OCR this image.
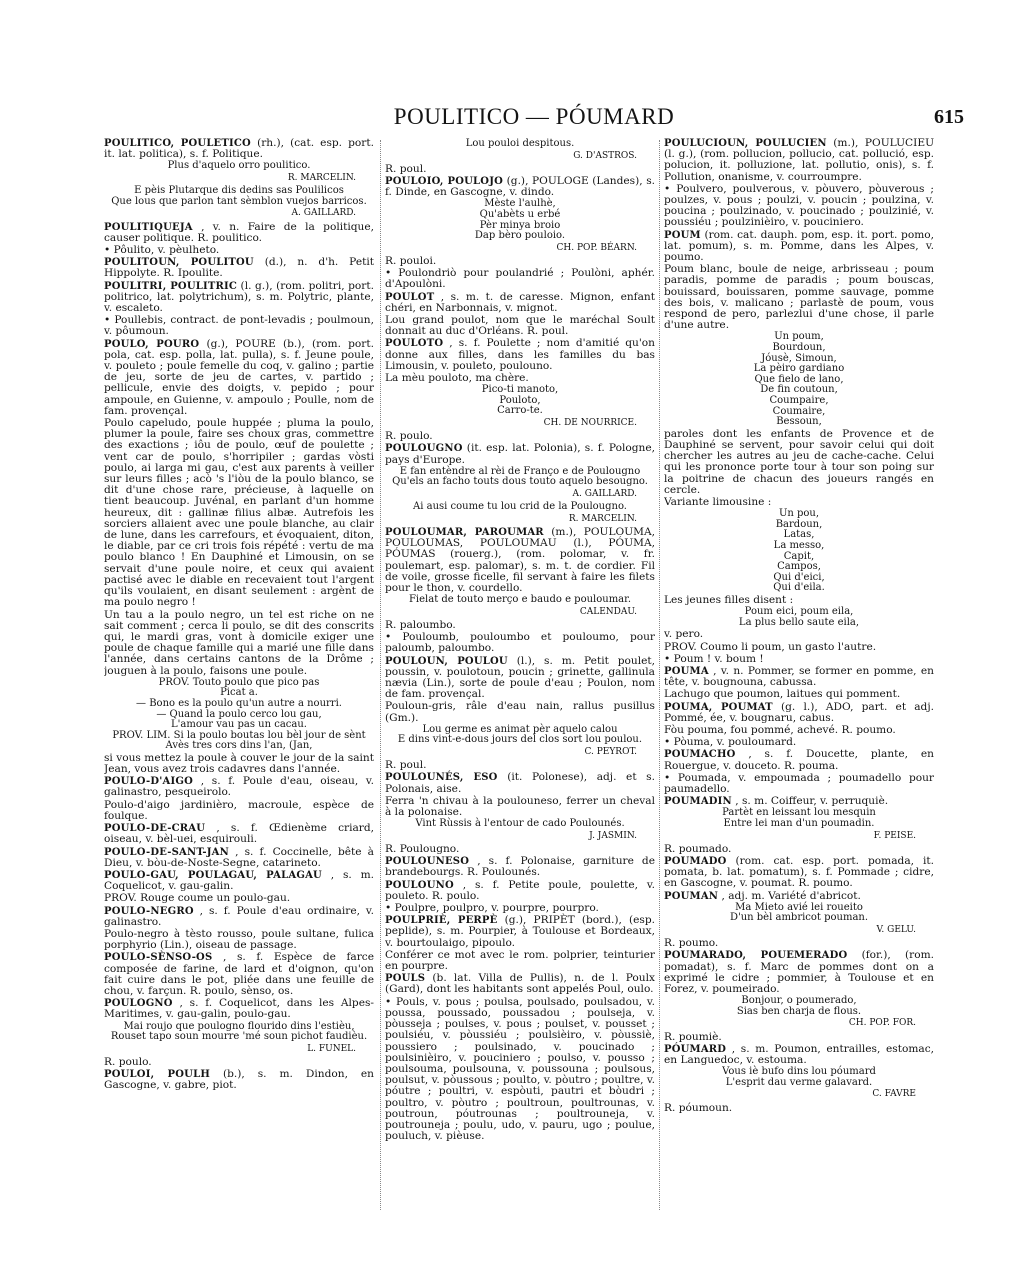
POULITICO — PÓUMARD	615

POULITICO, POULETICO (rh.), (cat. esp. port. it. lat. politica), s. f. Politique.

Plus d'aquelo orro poulitico.

R. MARCELIN.

E pèis Plutarque dis dedins sas Poulilicos
Que lous que parlon tant sèmblon vuejos barricos.

A. GAILLARD.

POULITIQUEJA , v. n. Faire de la politique, causer politique. R. poulitico.

• Pôulito, v. pèulheto.

POULITOUN, POULITOU (d.), n. d'h. Petit Hippolyte. R. Ipoulite.

POULITRI, POULITRIC (l. g.), (rom. politri, port. politrico, lat. polytrichum), s. m. Polytric, plante, v. escaleto.

• Poullebis, contract. de pont-levadis ; poulmoun, v. pôumoun.

POULO, POURO (g.), POURE (b.), (rom. port. pola, cat. esp. polla, lat. pulla), s. f. Jeune poule, v. pouleto ; poule femelle du coq, v. galino ; partie de jeu, sorte de jeu de cartes, v. partido ; pellicule, envie des doigts, v. pepido ; pour ampoule, en Guienne, v. ampoulo ; Poulle, nom de fam. provençal.

Poulo capeludo, poule huppée ; pluma la poulo, plumer la poule, faire ses choux gras, commettre des exactions ; iôu de poulo, œuf de poulette ; vent car de poulo, s'horripiler ; gardas vòsti poulo, ai larga mi gau, c'est aux parents à veiller sur leurs filles ; acò 's l'iòu de la poulo blanco, se dit d'une chose rare, précieuse, à laquelle on tient beaucoup. Juvénal, en parlant d'un homme heureux, dit : gallinæ filius albæ. Autrefois les sorciers allaient avec une poule blanche, au clair de lune, dans les carrefours, et évoquaient, diton, le diable, par ce cri trois fois répété : vertu de ma poulo blanco ! En Dauphiné et Limousin, on se servait d'une poule noire, et ceux qui avaient pactisé avec le diable en recevaient tout l'argent qu'ils voulaient, en disant seulement : argènt de ma poulo negro !

Un tau a la poulo negro, un tel est riche on ne sait comment ; cerca li poulo, se dit des conscrits qui, le mardi gras, vont à domicile exiger une poule de chaque famille qui a marié une fille dans l'année, dans certains cantons de la Drôme ; jouguen à la poulo, faisons une poule.

PROV. Touto poulo que pico pas
Picat a.
— Bono es la poulo qu'un autre a nourri.
— Quand la poulo cerco lou gau,
L'amour vau pas un cacau.
PROV. LIM. Si la poulo boutas lou bèl jour de sènt
Avès tres cors dins l'an, (Jan,

si vous mettez la poule à couver le jour de la saint Jean, vous avez trois cadavres dans l'année.

POULO-D'AIGO , s. f. Poule d'eau, oiseau, v. galinastro, pesqueirolo.

Poulo-d'aigo jardinièro, macroule, espèce de foulque.

POULO-DE-CRAU , s. f. Œdienème criard, oiseau, v. bèl-uei, esquirouli.

POULO-DE-SANT-JAN , s. f. Coccinelle, bête à Dieu, v. bòu-de-Noste-Segne, catarineto.

POULO-GAU, POULAGAU, PALAGAU , s. m. Coquelicot, v. gau-galin.

PROV. Rouge coume un poulo-gau.

POULO-NEGRO , s. f. Poule d'eau ordinaire, v. galinastro.

Poulo-negro à tèsto rousso, poule sultane, fulica porphyrio (Lin.), oiseau de passage.

POULO-SÈNSO-OS , s. f. Espèce de farce composée de farine, de lard et d'oignon, qu'on fait cuire dans le pot, pliée dans une feuille de chou, v. farçun. R. poulo, sènso, os.

POULOGNO , s. f. Coquelicot, dans les Alpes-Maritimes, v. gau-galin, poulo-gau.

Mai roujo que poulogno flourido dins l'estièu,
Rouset tapo soun mourre 'mé soun pichot faudièu.

L. FUNEL.

R. poulo.

POULOI, POULH (b.), s. m. Dindon, en Gascogne, v. gabre, piot.

Lou pouloi despitous.

G. D'ASTROS.

R. poul.

POULOIO, POULOJO (g.), POULOGE (Landes), s. f. Dinde, en Gascogne, v. dindo.

Mèste l'aulhè,
Qu'abèts u erbé
Pèr minya broio
Dap bèro pouloio.

CH. POP. BÉARN.

R. pouloi.

• Poulondriò pour poulandrié ; Poulòni, aphér. d'Apoulòni.

POULOT , s. m. t. de caresse. Mignon, enfant chéri, en Narbonnais, v. mignot.

Lou grand poulot, nom que le maréchal Soult donnait au duc d'Orléans. R. poul.

POULOTO , s. f. Poulette ; nom d'amitié qu'on donne aux filles, dans les familles du bas Limousin, v. pouleto, poulouno.

La mèu pouloto, ma chère.

Pico-ti manoto,
Pouloto,
Carro-te.

CH. DE NOURRICE.

R. poulo.

POULOUGNO (it. esp. lat. Polonia), s. f. Pologne, pays d'Europe.

E fan entèndre al rèi de Franço e de Poulougno
Qu'els an facho touts dous touto aquelo besougno.

A. GAILLARD.

Ai ausi coume tu lou crid de la Poulougno.

R. MARCELIN.

POULOUMAR, PAROUMAR (m.), POULOUMA, POULOUMAS, POULOUMAU (l.), PÓUMA, PÓUMAS (rouerg.), (rom. polomar, v. fr. poulemart, esp. palomar), s. m. t. de cordier. Fil de voile, grosse ficelle, fil servant à faire les filets pour le thon, v. courdello.

Fielat de touto merço e baudo e pouloumar.

CALENDAU.

R. paloumbo.

• Pouloumb, pouloumbo et pouloumo, pour paloumb, paloumbo.

POULOUN, POULOU (l.), s. m. Petit poulet, poussin, v. poulotoun, poucin ; grinette, gallinula nævia (Lin.), sorte de poule d'eau ; Poulon, nom de fam. provençal.

Pouloun-gris, râle d'eau nain, rallus pusillus (Gm.).

Lou germe es animat pèr aquelo calou
E dins vint-e-dous jours del clos sort lou poulou.

C. PEYROT.

R. poul.

POULOUNÉS, ESO (it. Polonese), adj. et s. Polonais, aise.

Ferra 'n chivau à la poulouneso, ferrer un cheval à la polonaise.

Vint Rùssis à l'entour de cado Poulounés.

J. JASMIN.

R. Poulougno.

POULOUNESO , s. f. Polonaise, garniture de brandebourgs. R. Poulounés.

POULOUNO , s. f. Petite poule, poulette, v. pouleto. R. poulo.

• Poulpre, poulpro, v. pourpre, pourpro.

POULPRIÈ, PERPÈ (g.), PRIPÈT (bord.), (esp. peplide), s. m. Pourpier, à Toulouse et Bordeaux, v. bourtoulaigo, pipoulo.

Conférer ce mot avec le rom. polprier, teinturier en pourpre.

POULS (b. lat. Villa de Pullis), n. de l. Poulx (Gard), dont les habitants sont appelés Poul, oulo.

• Pouls, v. pous ; poulsa, poulsado, poulsadou, v. poussa, poussado, poussadou ; poulseja, v. pòusseja ; poulses, v. pous ; poulset, v. pousset ; poulsiéu, v. pòussiéu ; poulsièiro, v. pòussiè, poussiero ; poulsinado, v. poucinado ; poulsinièiro, v. pouciniero ; poulso, v. pousso ; poulsouma, poulsouna, v. poussouna ; poulsous, poulsut, v. pòussous ; poulto, v. pòutro ; poultre, v. póutre ; poultri, v. espòuti, pautri et bòudri ; poultro, v. pòutro ; poultroun, poultrounas, v. poutroun, póutrounas ; poultrouneja, v. poutrouneja ; poulu, udo, v. pauru, ugo ; poulue, pouluch, v. pièuse.

POULUCIOUN, POULUCIEN (m.), POULUCIÉU (l. g.), (rom. pollucion, pollucio, cat. pollució, esp. polucion, it. polluzione, lat. pollutio, onis), s. f. Pollution, onanisme, v. courroumpre.

• Poulvero, poulverous, v. pòuvero, pòuverous ; poulzes, v. pous ; poulzi, v. poucin ; poulzina, v. poucina ; poulzinado, v. poucinado ; poulzinié, v. poussiéu ; poulzinièiro, v. pouciniero.

POUM (rom. cat. dauph. pom, esp. it. port. pomo, lat. pomum), s. m. Pomme, dans les Alpes, v. poumo.

Poum blanc, boule de neige, arbrisseau ; poum paradis, pomme de paradis ; poum bouscas, bouissard, bouissaren, pomme sauvage, pomme des bois, v. malicano ; parlastè de poum, vous respond de pero, parlezlui d'une chose, il parle d'une autre.

Un poum,
Bourdoun,
Jóusè, Simoun,
La pèiro gardiano
Que fielo de lano,
De fin coutoun,
Coumpaire,
Coumaire,
Bessoun,

paroles dont les enfants de Provence et de Dauphiné se servent, pour savoir celui qui doit chercher les autres au jeu de cache-cache. Celui qui les prononce porte tour à tour son poing sur la poitrine de chacun des joueurs rangés en cercle.

Variante limousine :

Un pou,
Bardoun,
Latas,
La messo,
Capit,
Campos,
Qui d'eici,
Qui d'eila.

Les jeunes filles disent :

Poum eici, poum eila,
La plus bello saute eila,

v. pero.

PROV. Coumo li poum, un gasto l'autre.

• Poum ! v. boum !

POUMA , v. n. Pommer, se former en pomme, en tête, v. bougnouna, cabussa.

Lachugo que poumon, laitues qui pomment.

POUMA, POUMAT (g. l.), ADO, part. et adj. Pommé, ée, v. bougnaru, cabus.

Fòu pouma, fou pommé, achevé. R. poumo.

• Pòuma, v. pouloumard.

POUMACHO , s. f. Doucette, plante, en Rouergue, v. douceto. R. pouma.

• Poumada, v. empoumada ; poumadello pour paumadello.

POUMADIN , s. m. Coiffeur, v. perruquiè.

Partèt en leissant lou mesquin
Entre lei man d'un poumadin.

F. PEISE.

R. poumado.

POUMADO (rom. cat. esp. port. pomada, it. pomata, b. lat. pomatum), s. f. Pommade ; cidre, en Gascogne, v. poumat. R. poumo.

POUMAN , adj. m. Variété d'abricot.

Ma Mieto avié lei roueito
D'un bèl ambricot pouman.

V. GELU.

R. poumo.

POUMARADO, POUEMERADO (for.), (rom. pomadat), s. f. Marc de pommes dont on a exprimé le cidre ; pommier, à Toulouse et en Forez, v. poumeirado.

Bonjour, o poumerado,
Sias ben charja de flous.

CH. POP. FOR.

R. poumiè.

PÓUMARD , s. m. Poumon, entrailles, estomac, en Languedoc, v. estouma.

Vous iè bufo dins lou póumard
L'esprit dau verme galavard.

C. FAVRE

R. póumoun.
